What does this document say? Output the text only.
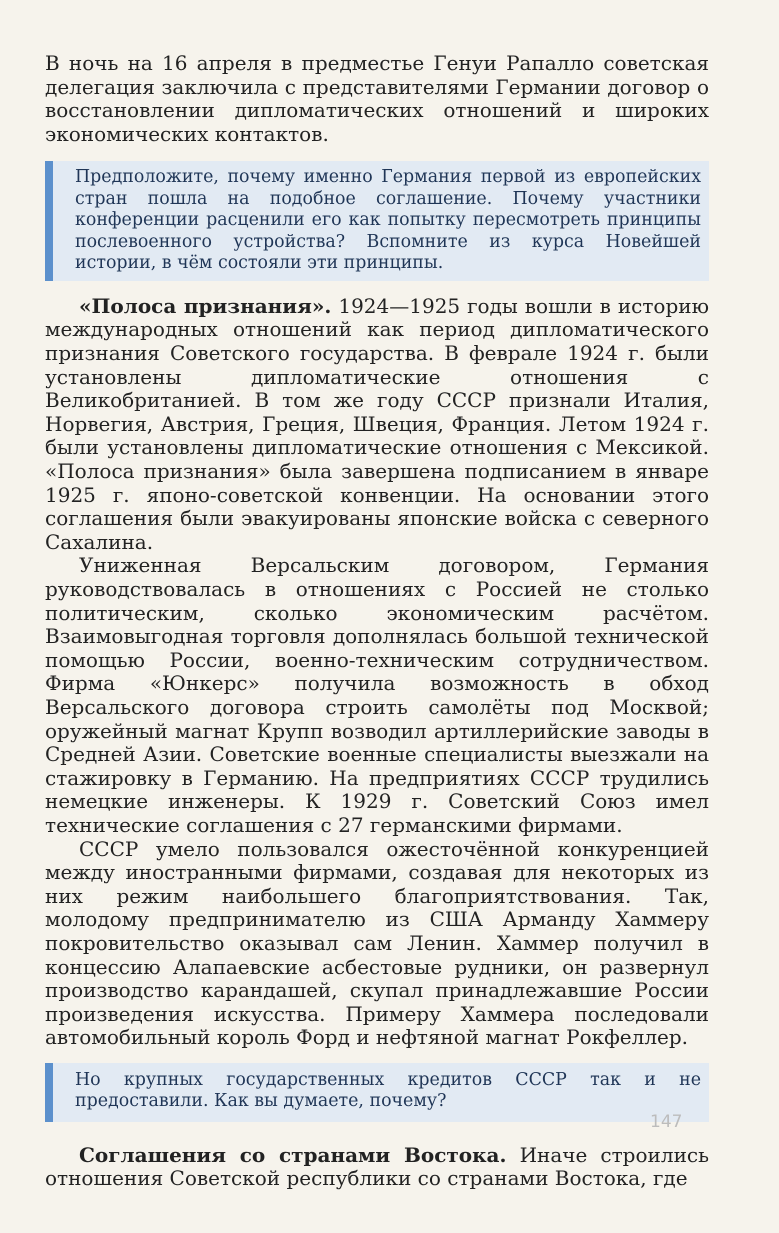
В ночь на 16 апреля в предместье Генуи Рапалло советская делегация заключила с представителями Германии договор о восстановлении дипломатических отношений и широких экономических контактов.

Предположите, почему именно Германия первой из европейских стран пошла на подобное соглашение. Почему участники конференции расценили его как попытку пересмотреть принципы послевоенного устройства? Вспомните из курса Новейшей истории, в чём состояли эти принципы.

«Полоса признания». 1924—1925 годы вошли в историю международных отношений как период дипломатического признания Советского государства. В феврале 1924 г. были установлены дипломатические отношения с Великобританией. В том же году СССР признали Италия, Норвегия, Австрия, Греция, Швеция, Франция. Летом 1924 г. были установлены дипломатические отношения с Мексикой. «Полоса признания» была завершена подписанием в январе 1925 г. японо-советской конвенции. На основании этого соглашения были эвакуированы японские войска с северного Сахалина.

Униженная Версальским договором, Германия руководствовалась в отношениях с Россией не столько политическим, сколько экономическим расчётом. Взаимовыгодная торговля дополнялась большой технической помощью России, военно-техническим сотрудничеством. Фирма «Юнкерс» получила возможность в обход Версальского договора строить самолёты под Москвой; оружейный магнат Крупп возводил артиллерийские заводы в Средней Азии. Советские военные специалисты выезжали на стажировку в Германию. На предприятиях СССР трудились немецкие инженеры. К 1929 г. Советский Союз имел технические соглашения с 27 германскими фирмами.

СССР умело пользовался ожесточённой конкуренцией между иностранными фирмами, создавая для некоторых из них режим наибольшего благоприятствования. Так, молодому предпринимателю из США Арманду Хаммеру покровительство оказывал сам Ленин. Хаммер получил в концессию Алапаевские асбестовые рудники, он развернул производство карандашей, скупал принадлежавшие России произведения искусства. Примеру Хаммера последовали автомобильный король Форд и нефтяной магнат Рокфеллер.

Но крупных государственных кредитов СССР так и не предоставили. Как вы думаете, почему?

Соглашения со странами Востока. Иначе строились отношения Советской республики со странами Востока, где

147
